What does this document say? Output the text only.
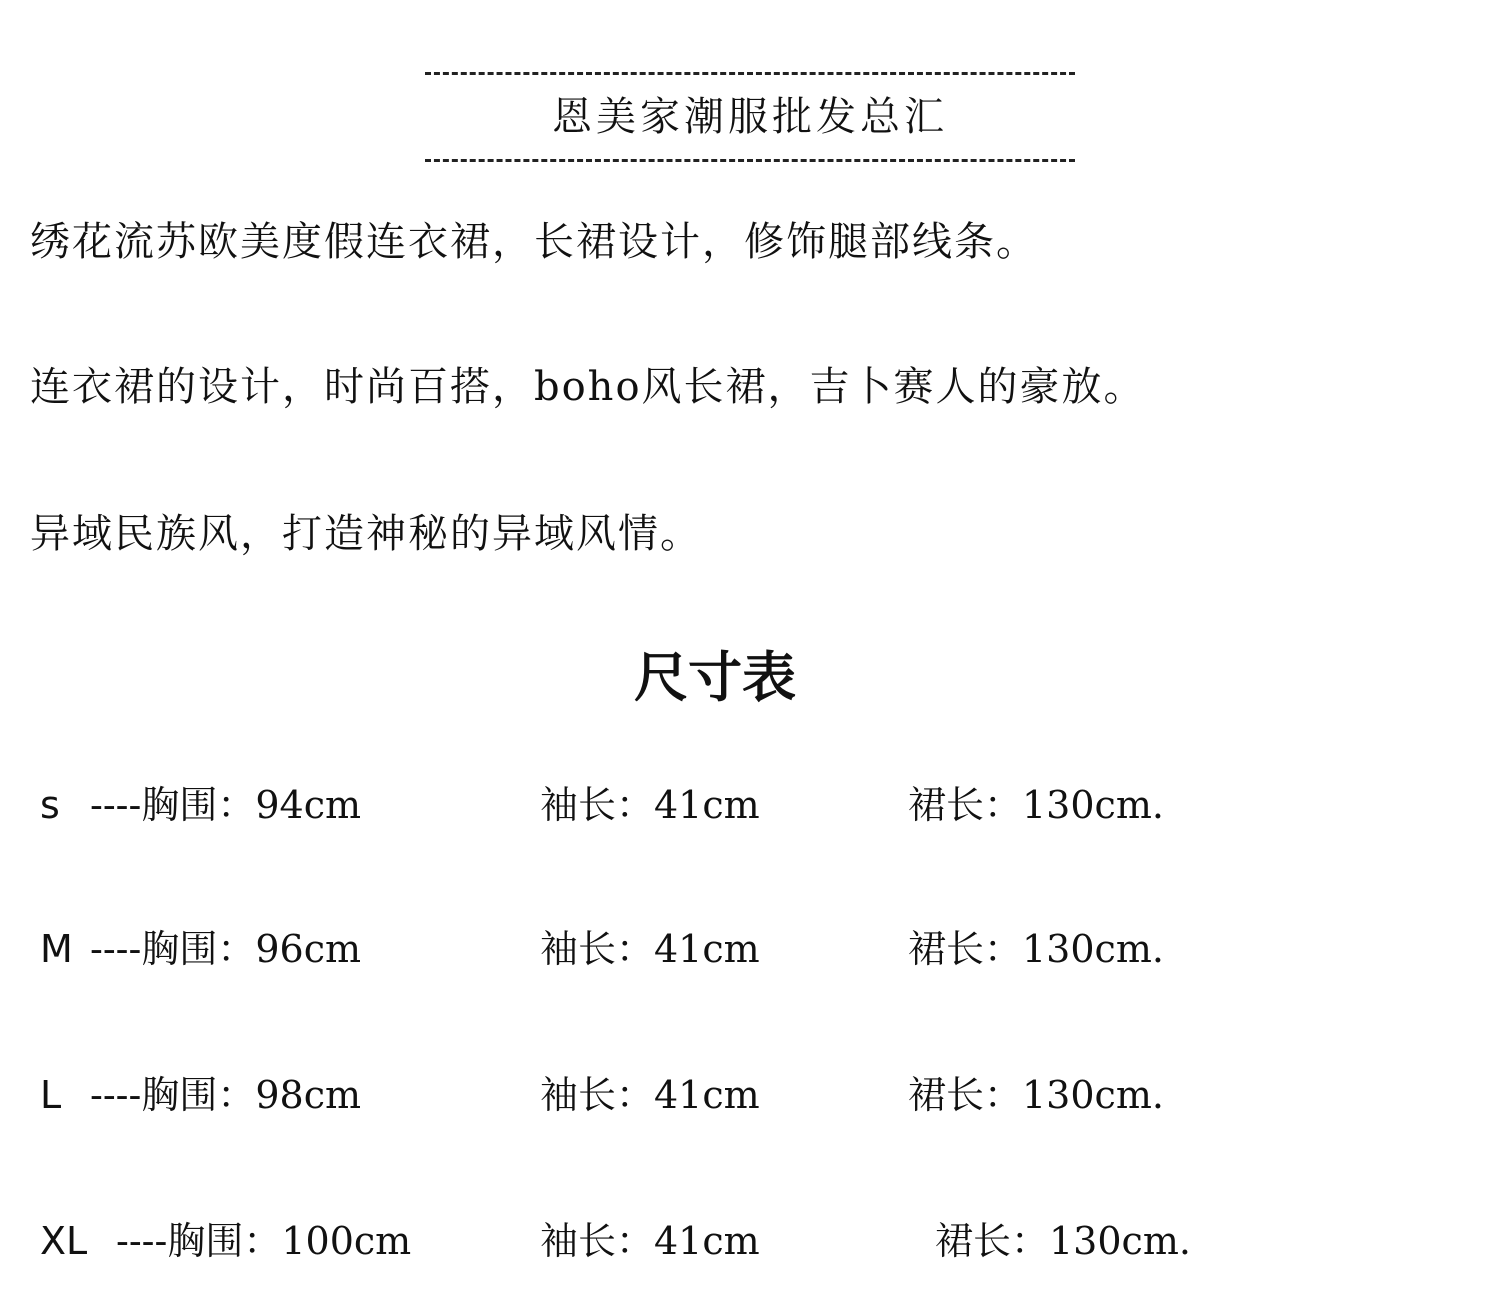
恩美家潮服批发总汇
绣花流苏欧美度假连衣裙，长裙设计，修饰腿部线条。
连衣裙的设计，时尚百搭，boho风长裙，吉卜赛人的豪放。
异域民族风，打造神秘的异域风情。
尺寸表
s ----胸围：94cm	袖长：41cm	裙长：130cm.
M ----胸围：96cm	袖长：41cm	裙长：130cm.
L ----胸围：98cm	袖长：41cm	裙长：130cm.
XL ----胸围：100cm	袖长：41cm	裙长：130cm.
